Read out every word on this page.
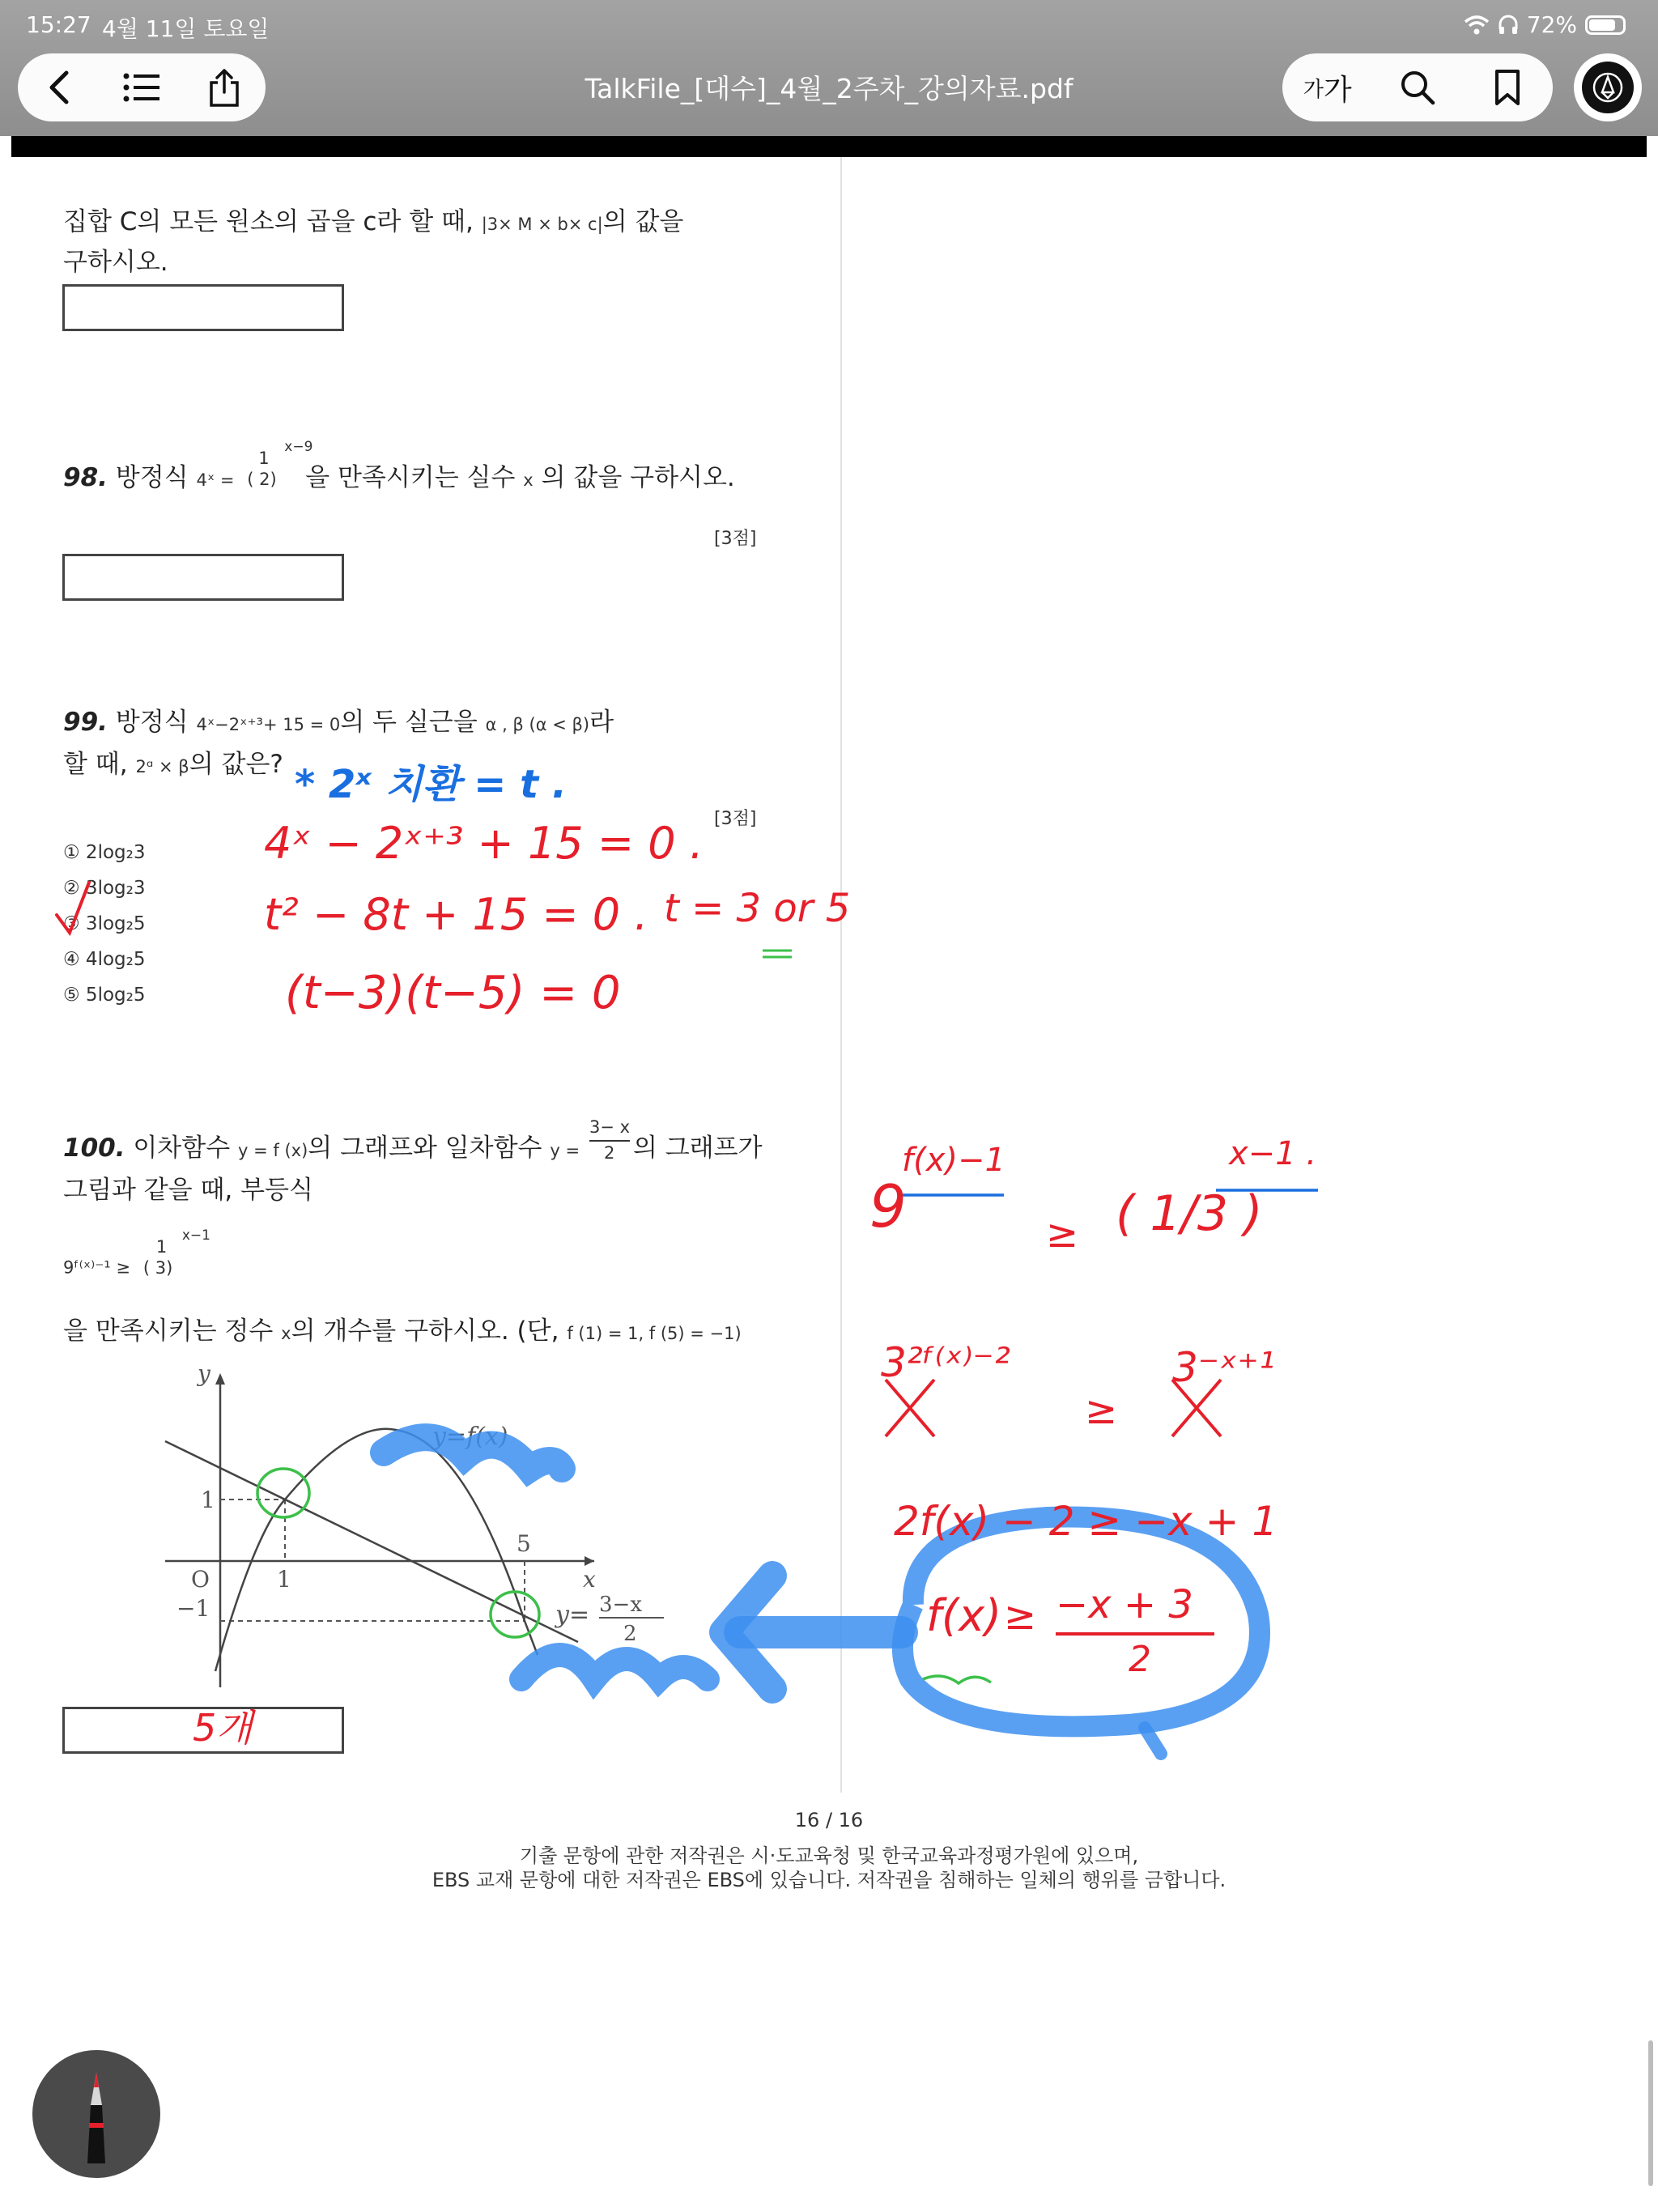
15:27 4월 11일 토요일	72%
TalkFile_[대수]_4월_2주차_강의자료.pdf	가 가
집합 C의 모든 원소의 곱을 c라 할 때, |3× M × b× c|의 값을
구하시오.
98. 방정식 4ˣ =
1
( 2)
x−9
을 만족시키는 실수 x 의 값을 구하시오.
[3점]
99. 방정식 4ˣ−2ˣ⁺³+ 15 = 0의 두 실근을 α , β (α < β)라
할 때, 2ᵅ × β의 값은?
[3점]
① 2log₂3
② 3log₂3
③ 3log₂5
④ 4log₂5
⑤ 5log₂5
100. 이차함수 y = f (x)의 그래프와 일차함수 $y = \frac{3- x}{2}$ 의 그래프가
그림과 같을 때, 부등식
9ᶠ⁽ˣ⁾⁻¹ ≥
1
( 3)
x−1
을 만족시키는 정수 x의 개수를 구하시오. (단, f (1) = 1, f (5) = −1)
y
x
O
1
−1
1
5
y=f(x)
y= 3−x
2
5개
* 2ˣ 치환 = t .
4ˣ − 2ˣ⁺³ + 15 = 0 .
t² − 8t + 15 = 0 .
(t−3)(t−5) = 0
t = 3 or 5
9
f(x)−1
≥ ( 1/3 )
x−1 .
3²ᶠ⁽ˣ⁾⁻²
≥
3⁻ˣ⁺¹
2f(x) − 2 ≥ −x + 1
f(x) ≥ −x + 3
2
16 / 16
기출 문항에 관한 저작권은 시·도교육청 및 한국교육과정평가원에 있으며,
EBS 교재 문항에 대한 저작권은 EBS에 있습니다. 저작권을 침해하는 일체의 행위를 금합니다.
